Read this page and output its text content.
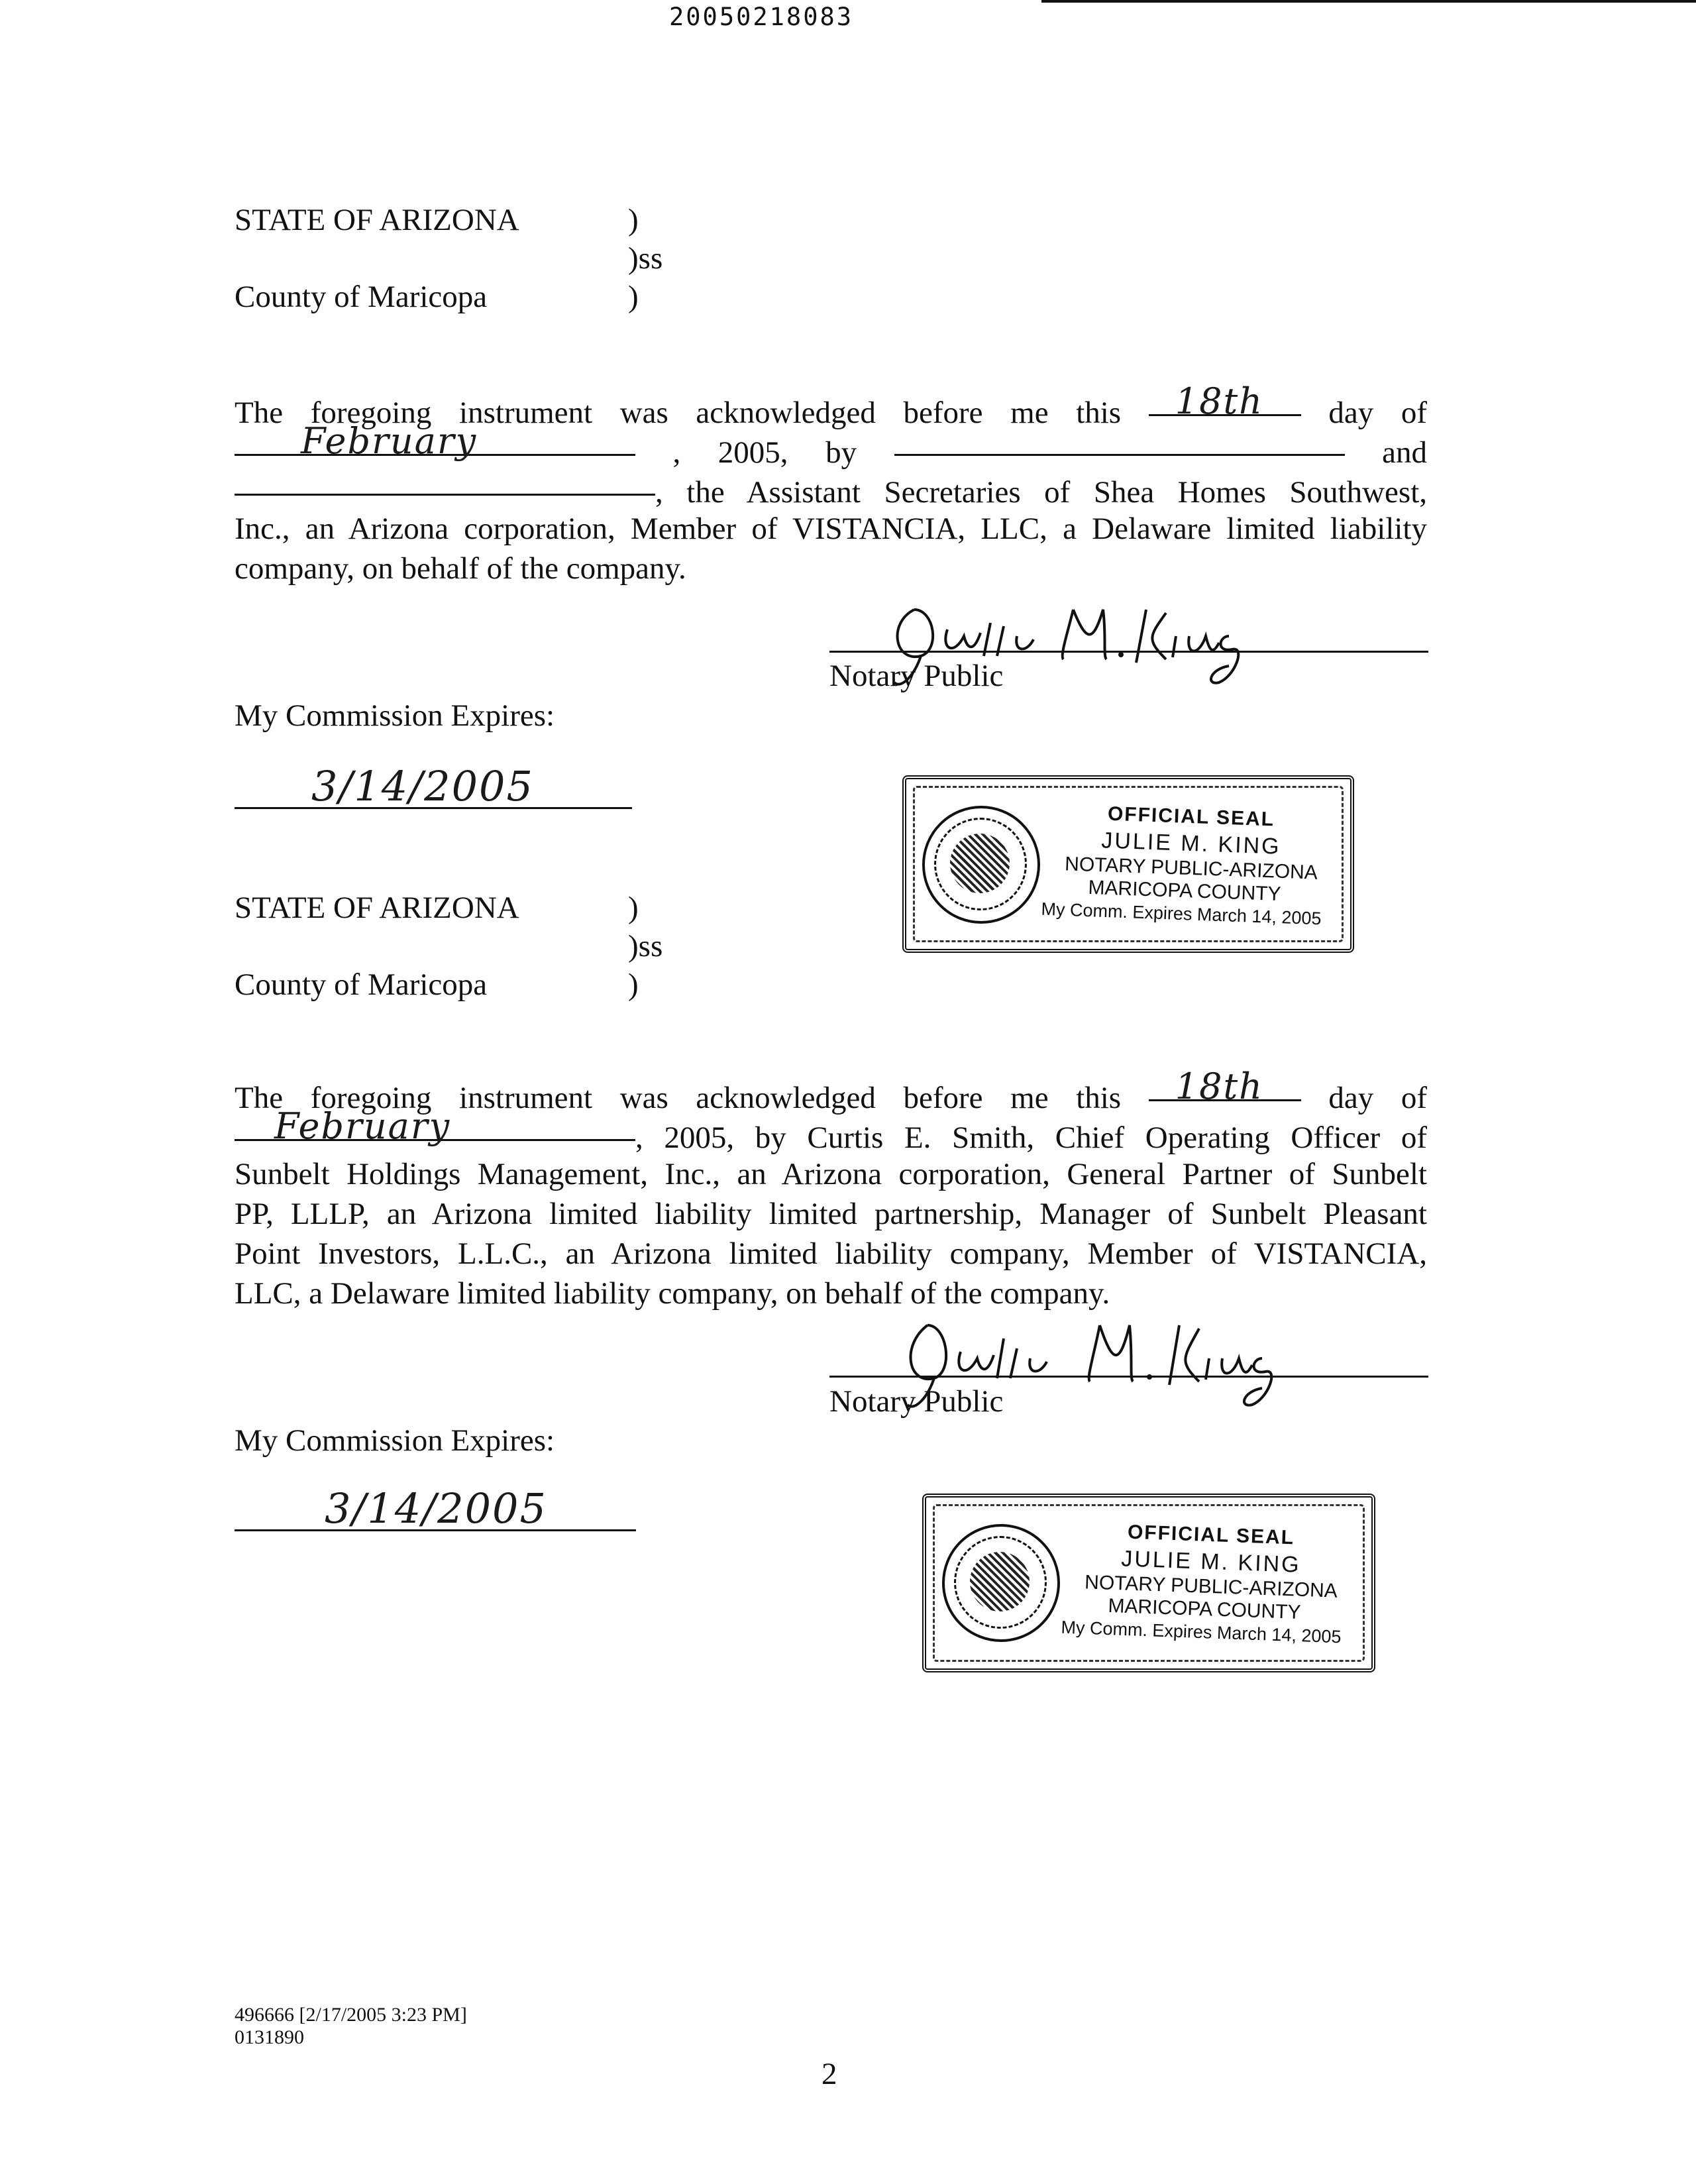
20050218083
STATE OF ARIZONA	)
)ss
County of Maricopa	)

The foregoing instrument was acknowledged before me this 18th day of
February	, 2005, by	and
, the Assistant Secretaries of Shea Homes Southwest,
Inc., an Arizona corporation, Member of VISTANCIA, LLC, a Delaware limited liability
company, on behalf of the company.

Notary Public
My Commission Expires:
3/14/2005
OFFICIAL SEAL
JULIE M. KING
NOTARY PUBLIC-ARIZONA
MARICOPA COUNTY
My Comm. Expires March 14, 2005
STATE OF ARIZONA	)
)ss
County of Maricopa	)

The foregoing instrument was acknowledged before me this 18th day of
February	, 2005, by Curtis E. Smith, Chief Operating Officer of
Sunbelt Holdings Management, Inc., an Arizona corporation, General Partner of Sunbelt
PP, LLLP, an Arizona limited liability limited partnership, Manager of Sunbelt Pleasant
Point Investors, L.L.C., an Arizona limited liability company, Member of VISTANCIA,
LLC, a Delaware limited liability company, on behalf of the company.

Notary Public
My Commission Expires:
3/14/2005
OFFICIAL SEAL
JULIE M. KING
NOTARY PUBLIC-ARIZONA
MARICOPA COUNTY
My Comm. Expires March 14, 2005
496666 [2/17/2005 3:23 PM]
0131890
2
